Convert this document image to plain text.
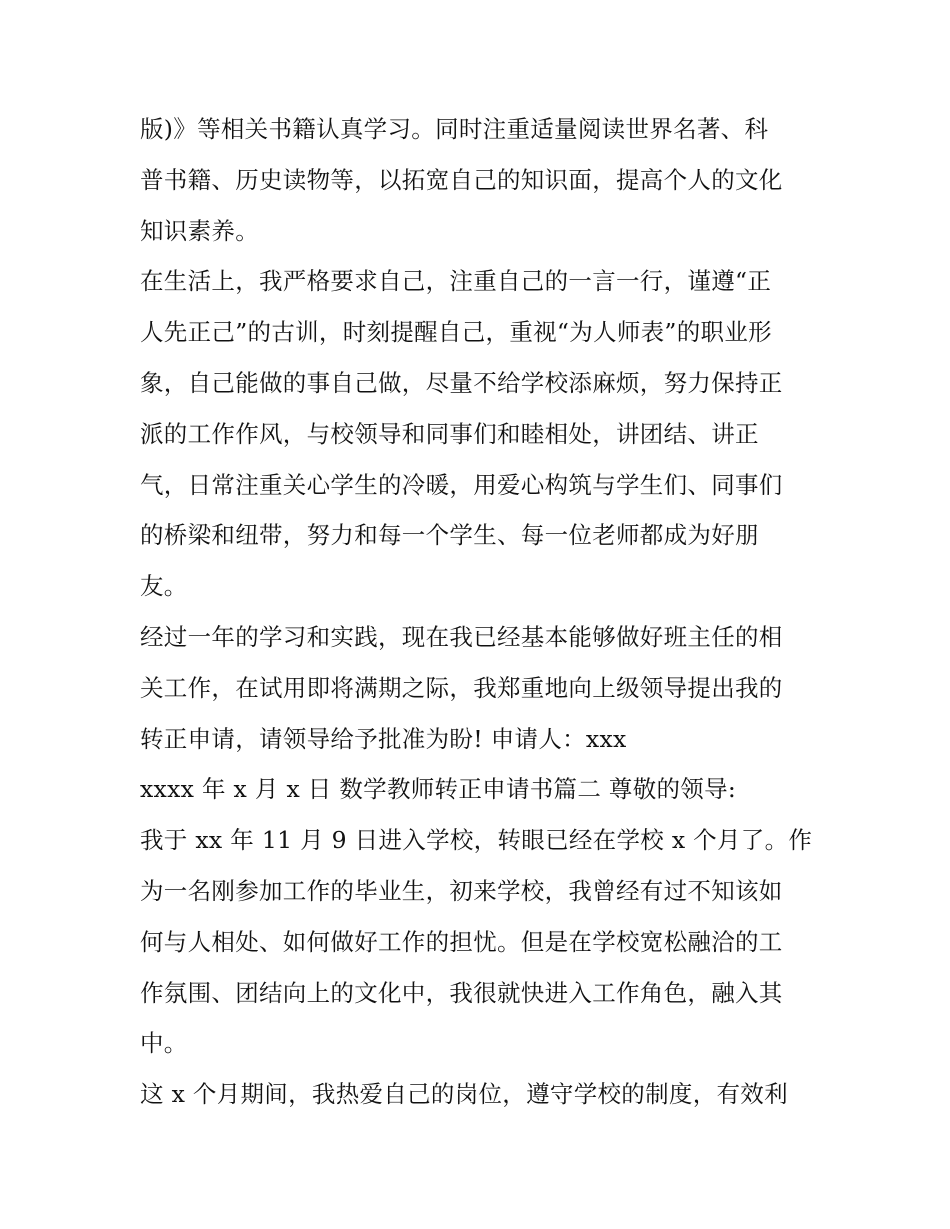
版)》等相关书籍认真学习。同时注重适量阅读世界名著、科
普书籍、历史读物等，以拓宽自己的知识面，提高个人的文化
知识素养。
在生活上，我严格要求自己，注重自己的一言一行，谨遵“正
人先正己”的古训，时刻提醒自己，重视“为人师表”的职业形
象，自己能做的事自己做，尽量不给学校添麻烦，努力保持正
派的工作作风，与校领导和同事们和睦相处，讲团结、讲正
气，日常注重关心学生的冷暖，用爱心构筑与学生们、同事们
的桥梁和纽带，努力和每一个学生、每一位老师都成为好朋
友。
经过一年的学习和实践，现在我已经基本能够做好班主任的相
关工作，在试用即将满期之际，我郑重地向上级领导提出我的
转正申请，请领导给予批准为盼! 申请人：xxx
xxxx 年 x 月 x 日 数学教师转正申请书篇二 尊敬的领导:
我于 xx 年 11 月 9 日进入学校，转眼已经在学校 x 个月了。作
为一名刚参加工作的毕业生，初来学校，我曾经有过不知该如
何与人相处、如何做好工作的担忧。但是在学校宽松融洽的工
作氛围、团结向上的文化中，我很就快进入工作角色，融入其
中。
这 x 个月期间，我热爱自己的岗位，遵守学校的制度，有效利
